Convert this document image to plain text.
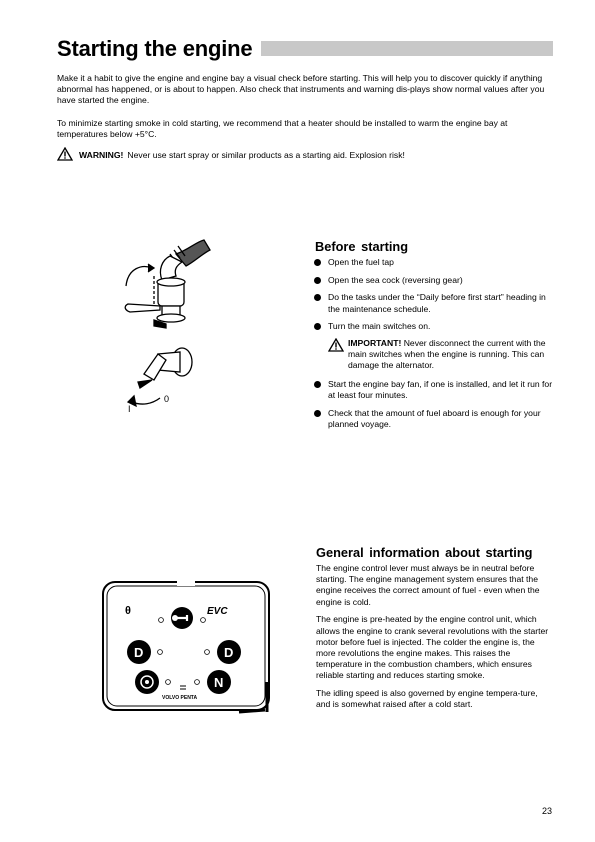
Starting the engine
Make it a habit to give the engine and engine bay a visual check before starting. This will help you to discover quickly if anything abnormal has happened, or is about to happen. Also check that instruments and warning dis-plays show normal values after you have started the engine.
To minimize starting smoke in cold starting, we recommend that a heater should be installed to warm the engine bay at temperatures below +5°C.
WARNING! Never use start spray or similar products as a starting aid. Explosion risk!
I
0
Before starting
Open the fuel tap
Open the sea cock (reversing gear)
Do the tasks under the “Daily before first start” heading in the maintenance schedule.
Turn the main switches on.
IMPORTANT! Never disconnect the current with the main switches when the engine is running. This can damage the alternator.
Start the engine bay fan, if one is installed, and let it run for at least four minutes.
Check that the amount of fuel aboard is enough for your planned voyage.
θ	EVC
D	D
N
VOLVO PENTA
General information about starting

The engine control lever must always be in neutral before starting. The engine management system ensures that the engine receives the correct amount of fuel - even when the engine is cold.

The engine is pre-heated by the engine control unit, which allows the engine to crank several revolutions with the starter motor before fuel is injected. The colder the engine is, the more revolutions the engine makes. This raises the temperature in the combustion chambers, which ensures reliable starting and reduces starting smoke.

The idling speed is also governed by engine tempera-ture, and is somewhat raised after a cold start.

23
